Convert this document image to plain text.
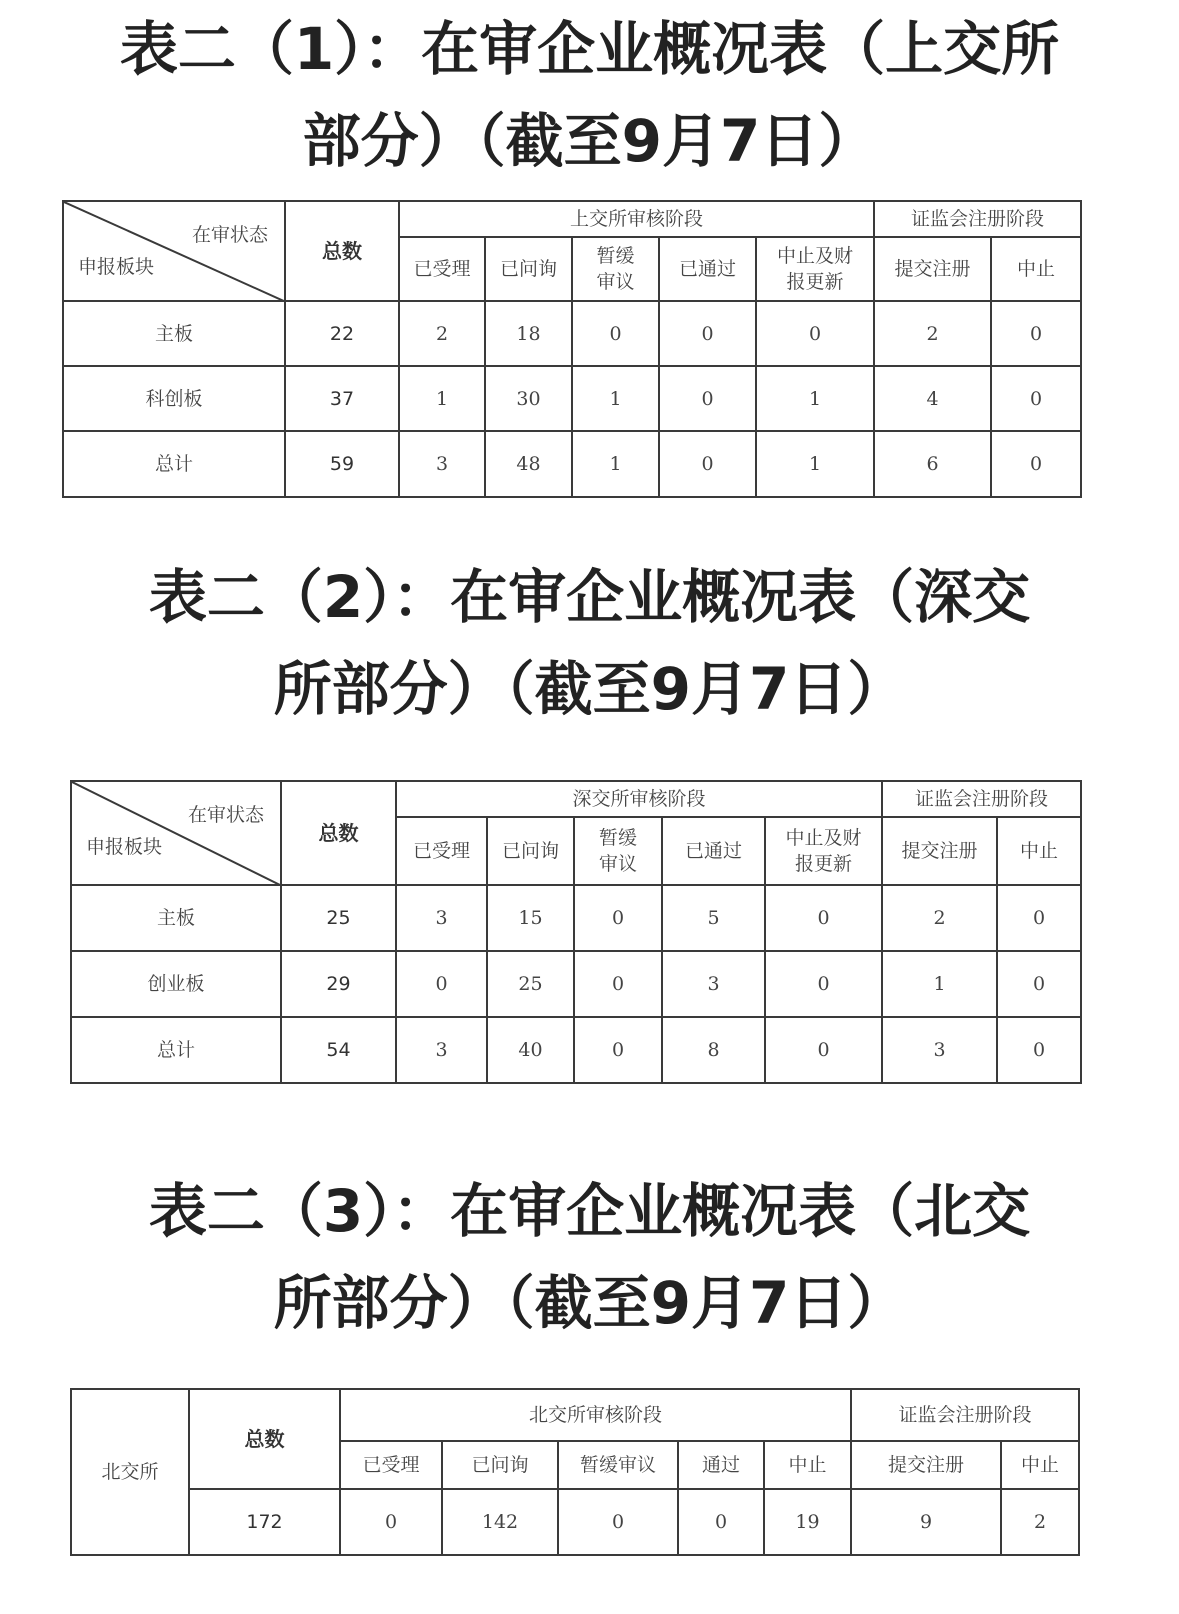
表二（1）：在审企业概况表（上交所
部分）（截至9月7日）
在审状态
申报板块	总数	上交所审核阶段					证监会注册阶段	
		已受理	已问询	暂缓审议	已通过	中止及财报更新	提交注册	中止
主板	22	2	18	0	0	0	2	0
科创板	37	1	30	1	0	1	4	0
总计	59	3	48	1	0	1	6	0
表二（2）：在审企业概况表（深交
所部分）（截至9月7日）
在审状态
申报板块	总数	深交所审核阶段					证监会注册阶段	
		已受理	已问询	暂缓审议	已通过	中止及财报更新	提交注册	中止
主板	25	3	15	0	5	0	2	0
创业板	29	0	25	0	3	0	1	0
总计	54	3	40	0	8	0	3	0
表二（3）：在审企业概况表（北交
所部分）（截至9月7日）
北交所	总数	北交所审核阶段					证监会注册阶段	
		已受理	已问询	暂缓审议	通过	中止	提交注册	中止
	172	0	142	0	0	19	9	2
